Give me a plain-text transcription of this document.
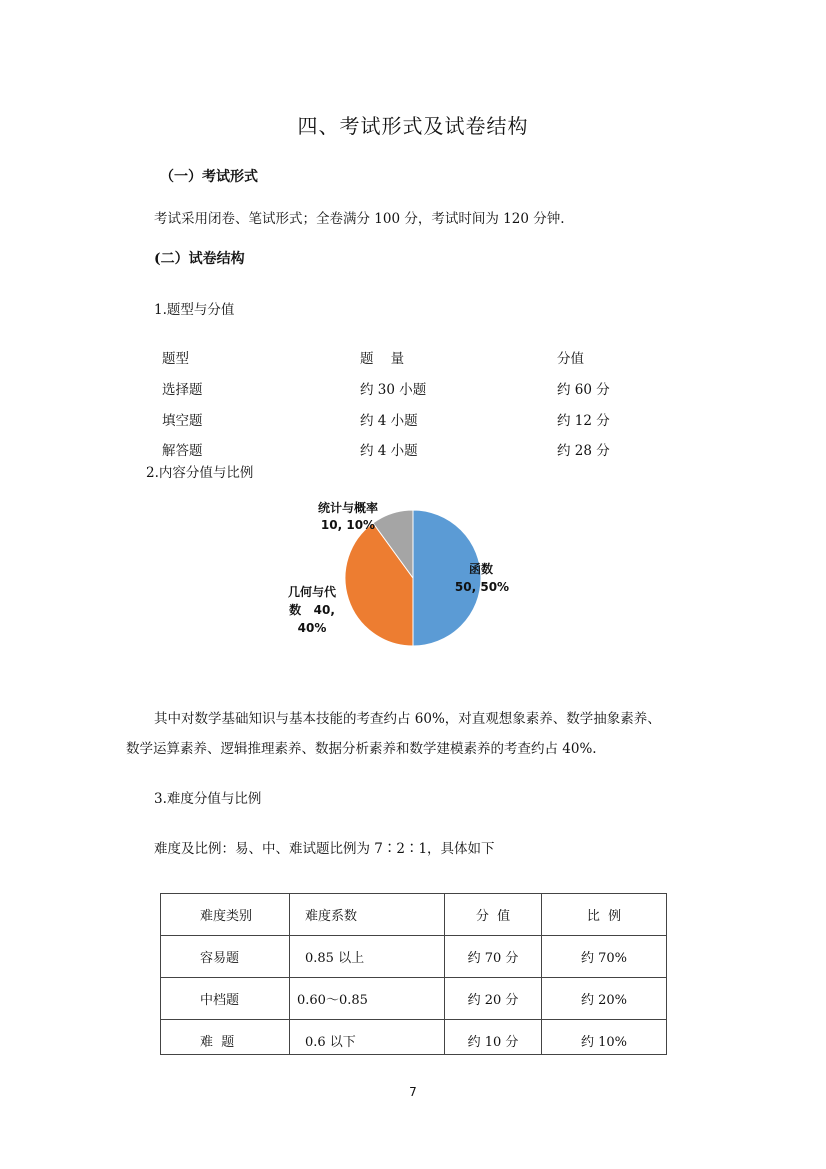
四、考试形式及试卷结构
（一）考试形式
考试采用闭卷、笔试形式；全卷满分 100 分，考试时间为 120 分钟.
(二）试卷结构
1.题型与分值
题型	题    量	分值
选择题	约 30 小题	约 60 分
填空题	约 4 小题	约 12 分
解答题	约 4 小题	约 28 分
2.内容分值与比例
函数
50, 50%
几何与代
数   40,
40%
统计与概率
10, 10%
其中对数学基础知识与基本技能的考查约占 60%，对直观想象素养、数学抽象素养、
数学运算素养、逻辑推理素养、数据分析素养和数学建模素养的考查约占 40%.
3.难度分值与比例
难度及比例：易、中、难试题比例为 7∶2∶1，具体如下
难度类别	难度系数	分  值	比  例
容易题	0.85 以上	约 70 分	约 70%
中档题	0.60～0.85	约 20 分	约 20%
难  题	0.6 以下	约 10 分	约 10%
7
